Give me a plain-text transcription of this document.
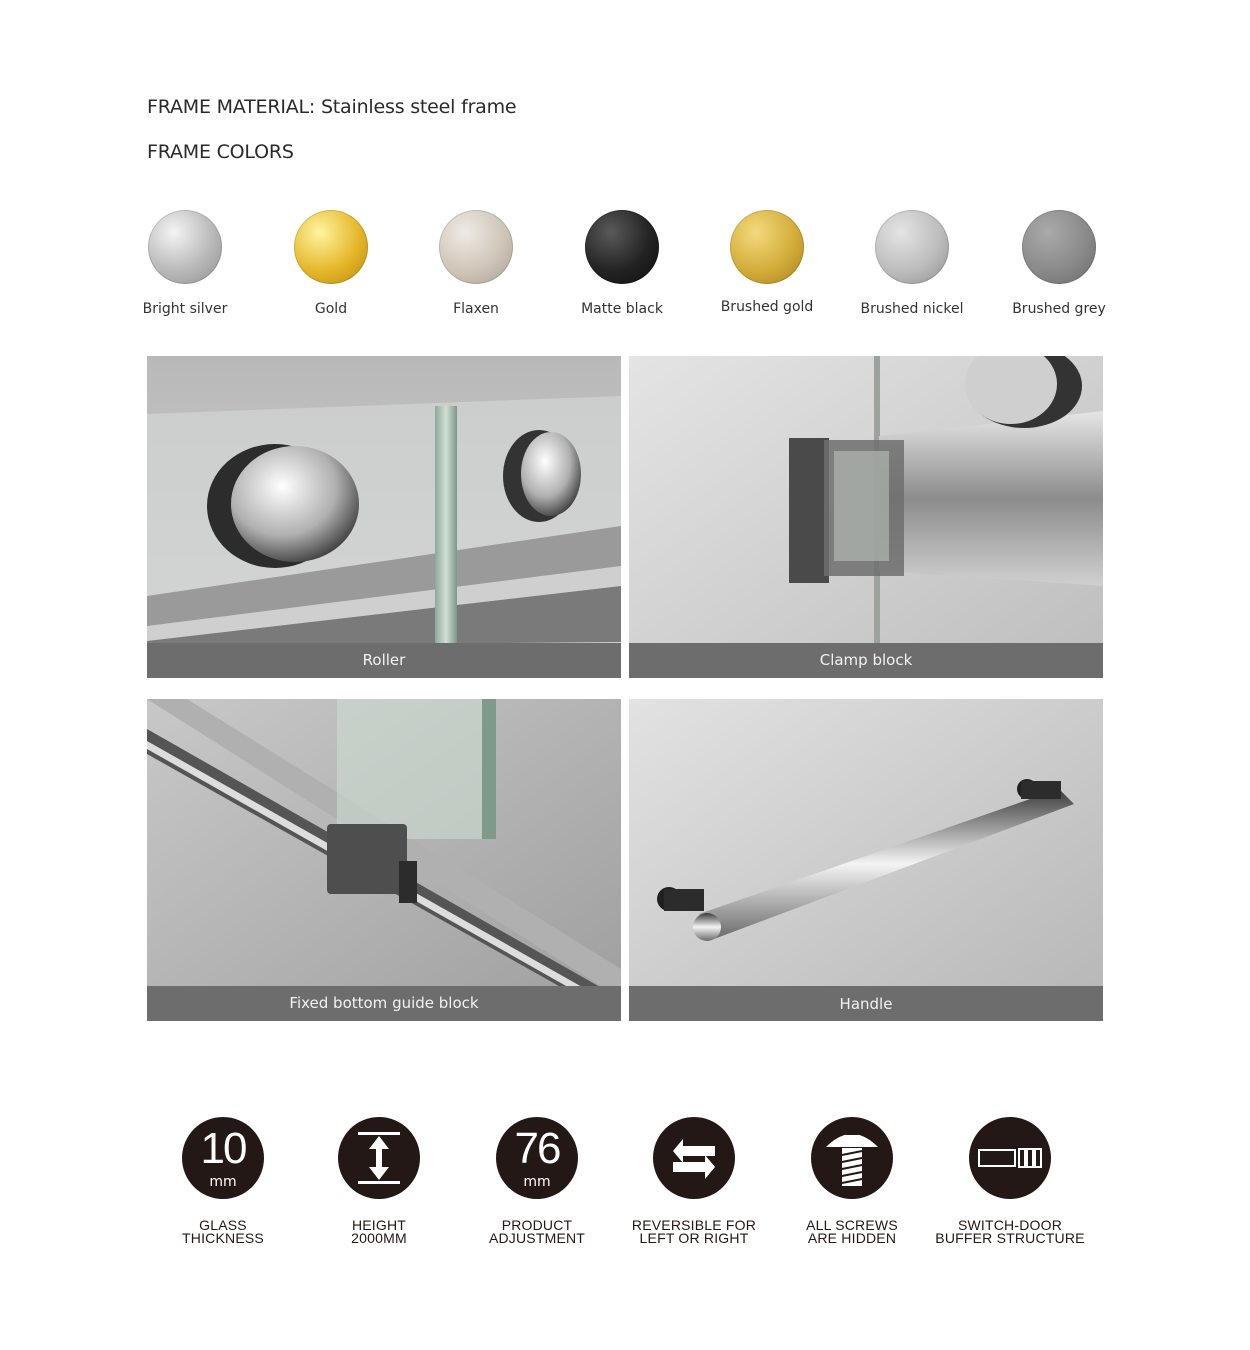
FRAME MATERIAL: Stainless steel frame
FRAME COLORS
Bright silver	Gold	Flaxen	Matte black	Brushed gold	Brushed nickel	Brushed grey
Roller	Clamp block
Fixed bottom guide block	Handle
10
mm
GLASS
THICKNESS
HEIGHT
2000MM
76
mm
PRODUCT
ADJUSTMENT
REVERSIBLE FOR
LEFT OR RIGHT
ALL SCREWS
ARE HIDDEN
SWITCH-DOOR
BUFFER STRUCTURE
